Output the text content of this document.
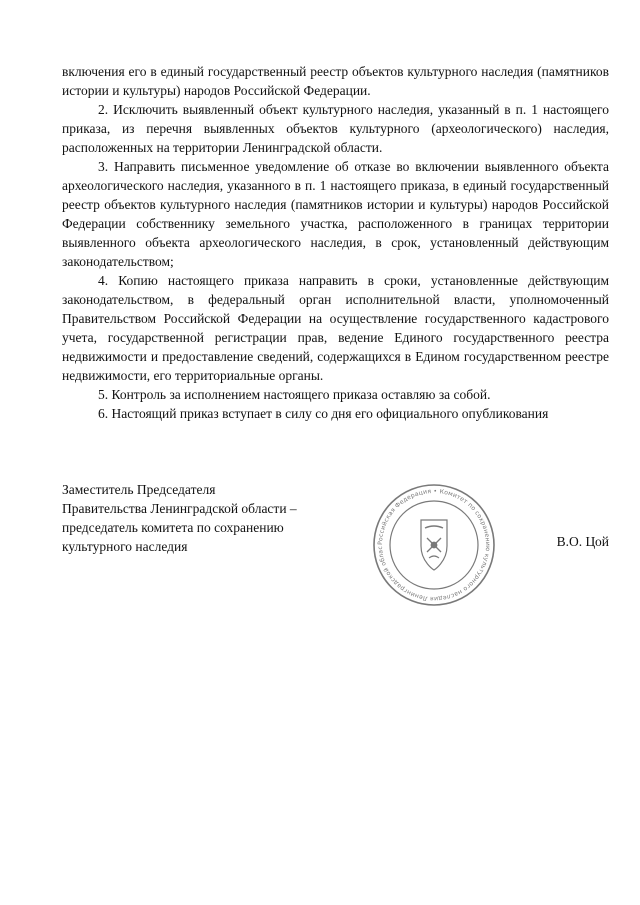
включения его в единый государственный реестр объектов культурного наследия (памятников истории и культуры) народов Российской Федерации.

2. Исключить выявленный объект культурного наследия, указанный в п. 1 настоящего приказа, из перечня выявленных объектов культурного (археологического) наследия, расположенных на территории Ленинградской области.

3. Направить письменное уведомление об отказе во включении выявленного объекта археологического наследия, указанного в п. 1 настоящего приказа, в единый государственный реестр объектов культурного наследия (памятников истории и культуры) народов Российской Федерации собственнику земельного участка, расположенного в границах территории выявленного объекта археологического наследия, в срок, установленный действующим законодательством;

4. Копию настоящего приказа направить в сроки, установленные действующим законодательством, в федеральный орган исполнительной власти, уполномоченный Правительством Российской Федерации на осуществление государственного кадастрового учета, государственной регистрации прав, ведение Единого государственного реестра недвижимости и предоставление сведений, содержащихся в Едином государственном реестре недвижимости, его территориальные органы.

5. Контроль за исполнением настоящего приказа оставляю за собой.

6. Настоящий приказ вступает в силу со дня его официального опубликования

Заместитель Председателя
Правительства Ленинградской области –
председатель комитета по сохранению
культурного наследия	Российская Федерация • Комитет по сохранению культурного наследия Ленинградской облас	В.О. Цой
